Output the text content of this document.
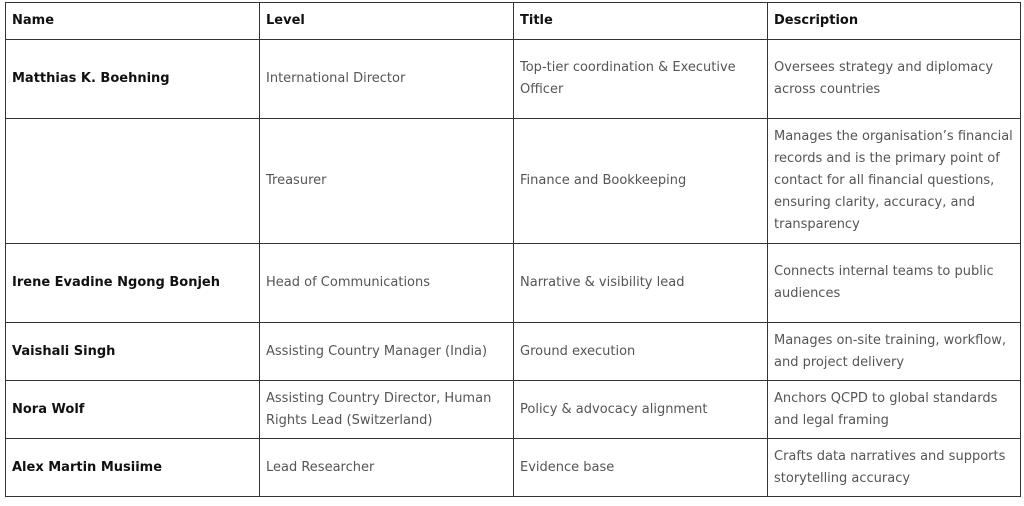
Name	Level	Title	Description
Matthias K. Boehning	International Director	Top-tier coordination & Executive Officer	Oversees strategy and diplomacy across countries
	Treasurer	Finance and Bookkeeping	Manages the organisation’s financial records and is the primary point of contact for all financial questions, ensuring clarity, accuracy, and transparency
Irene Evadine Ngong Bonjeh	Head of Communications	Narrative & visibility lead	Connects internal teams to public audiences
Vaishali Singh	Assisting Country Manager (India)	Ground execution	Manages on-site training, workflow, and project delivery
Nora Wolf	Assisting Country Director, Human Rights Lead (Switzerland)	Policy & advocacy alignment	Anchors QCPD to global standards and legal framing
Alex Martin Musiime	Lead Researcher	Evidence base	Crafts data narratives and supports storytelling accuracy
